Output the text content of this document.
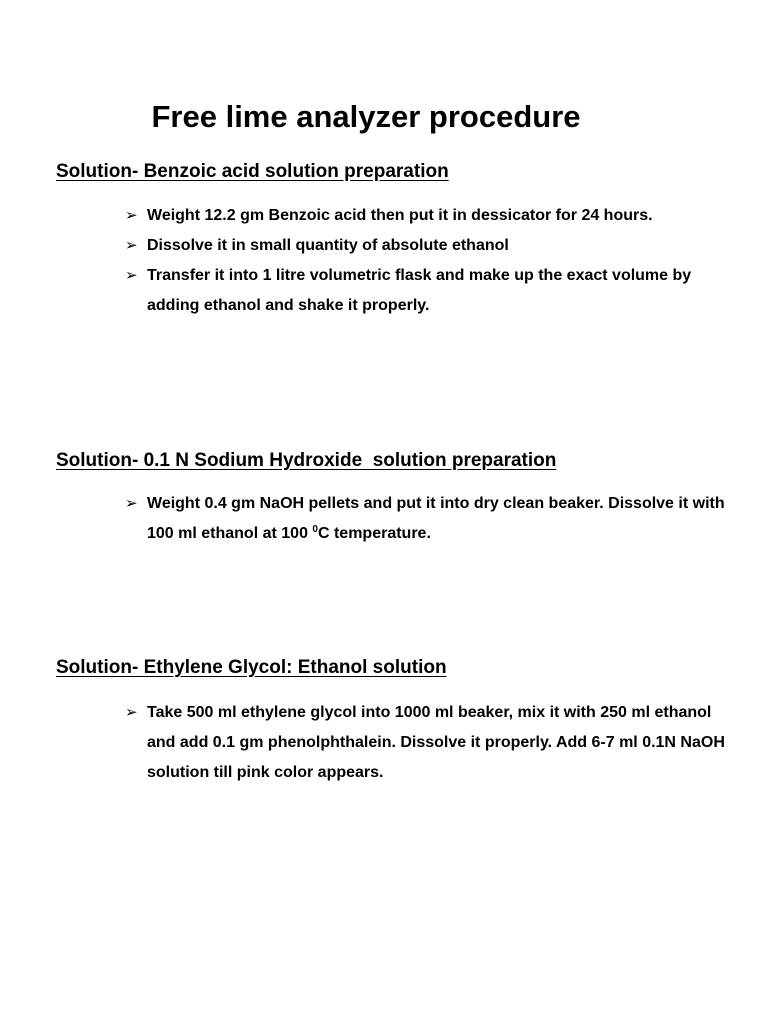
Free lime analyzer procedure
Solution- Benzoic acid solution preparation
➢ Weight 12.2 gm Benzoic acid then put it in dessicator for 24 hours.
➢ Dissolve it in small quantity of absolute ethanol
➢ Transfer it into 1 litre volumetric flask and make up the exact volume by adding ethanol and shake it properly.
Solution- 0.1 N Sodium Hydroxide  solution preparation
➢ Weight 0.4 gm NaOH pellets and put it into dry clean beaker. Dissolve it with 100 ml ethanol at 100 $^0$C temperature.
Solution- Ethylene Glycol: Ethanol solution
➢ Take 500 ml ethylene glycol into 1000 ml beaker, mix it with 250 ml ethanol and add 0.1 gm phenolphthalein. Dissolve it properly. Add 6-7 ml 0.1N NaOH solution till pink color appears.
